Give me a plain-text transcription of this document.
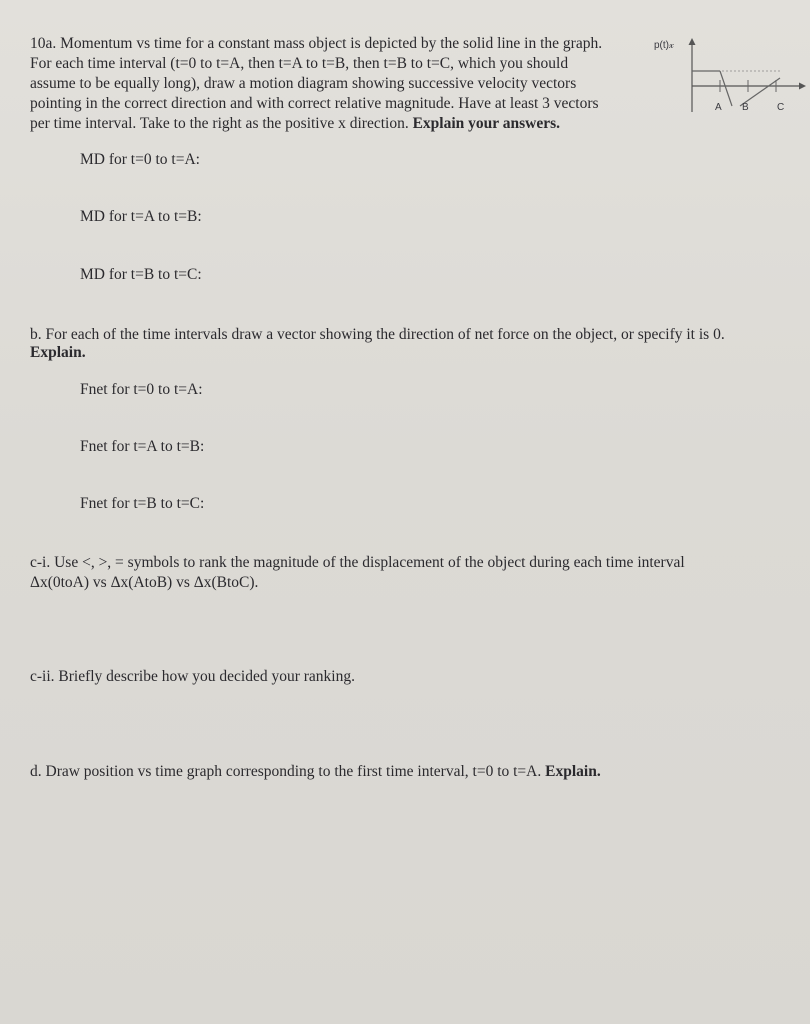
10a. Momentum vs time for a constant mass object is depicted by the solid line in the graph.
For each time interval (t=0 to t=A, then t=A to t=B, then t=B to t=C, which you should
assume to be equally long), draw a motion diagram showing successive velocity vectors
pointing in the correct direction and with correct relative magnitude. Have at least 3 vectors
per time interval. Take to the right as the positive x direction. Explain your answers.
p(t)𝓍
A B	C
MD for t=0 to t=A:
MD for t=A to t=B:
MD for t=B to t=C:
b. For each of the time intervals draw a vector showing the direction of net force on the object, or specify it is 0.
Explain.
Fnet for t=0 to t=A:
Fnet for t=A to t=B:
Fnet for t=B to t=C:
c-i. Use <, >, = symbols to rank the magnitude of the displacement of the object during each time interval
Δx(0toA) vs Δx(AtoB) vs Δx(BtoC).
c-ii. Briefly describe how you decided your ranking.
d. Draw position vs time graph corresponding to the first time interval, t=0 to t=A. Explain.
